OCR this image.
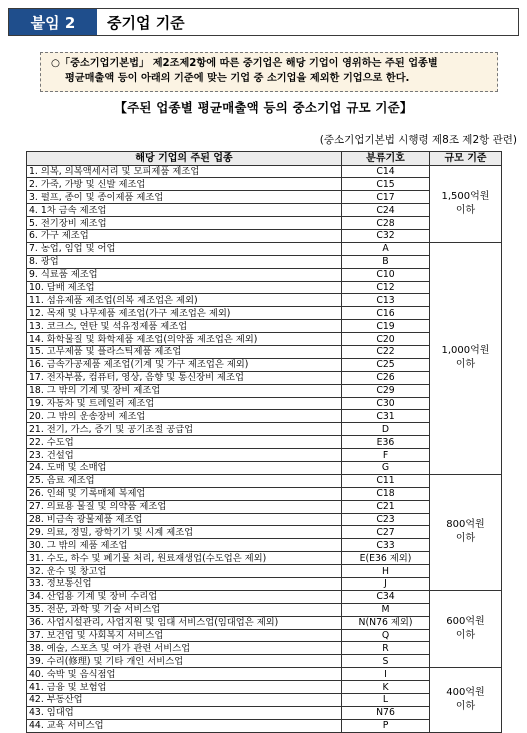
붙임 2	중기업 기준
○「중소기업기본법」 제2조제2항에 따른 중기업은 해당 기업이 영위하는 주된 업종별
평균매출액 등이 아래의 기준에 맞는 기업 중 소기업을 제외한 기업으로 한다.
【주된 업종별 평균매출액 등의 중소기업 규모 기준】
(중소기업기본법 시행령 제8조 제2항 관련)
해당 기업의 주된 업종	분류기호	규모 기준
1. 의복, 의복액세서리 및 모피제품 제조업	C14	1,500억원
이하

2. 가죽, 가방 및 신발 제조업	C15	
3. 펄프, 종이 및 종이제품 제조업	C17	
4. 1차 금속 제조업	C24	
5. 전기장비 제조업	C28	
6. 가구 제조업	C32	
7. 농업, 임업 및 어업	A	1,000억원
이하

8. 광업	B	
9. 식료품 제조업	C10	
10. 담배 제조업	C12	
11. 섬유제품 제조업(의복 제조업은 제외)	C13	
12. 목재 및 나무제품 제조업(가구 제조업은 제외)	C16	
13. 코크스, 연탄 및 석유정제품 제조업	C19	
14. 화학물질 및 화학제품 제조업(의약품 제조업은 제외)	C20	
15. 고무제품 및 플라스틱제품 제조업	C22	
16. 금속가공제품 제조업(기계 및 가구 제조업은 제외)	C25	
17. 전자부품, 컴퓨터, 영상, 음향 및 통신장비 제조업	C26	
18. 그 밖의 기계 및 장비 제조업	C29	
19. 자동차 및 트레일러 제조업	C30	
20. 그 밖의 운송장비 제조업	C31	
21. 전기, 가스, 증기 및 공기조절 공급업	D	
22. 수도업	E36	
23. 건설업	F	
24. 도매 및 소매업	G	
25. 음료 제조업	C11	800억원
이하

26. 인쇄 및 기록매체 복제업	C18	
27. 의료용 물질 및 의약품 제조업	C21	
28. 비금속 광물제품 제조업	C23	
29. 의료, 정밀, 광학기기 및 시계 제조업	C27	
30. 그 밖의 제품 제조업	C33	
31. 수도, 하수 및 폐기물 처리, 원료재생업(수도업은 제외)	E(E36 제외)	
32. 운수 및 창고업	H	
33. 정보통신업	J	
34. 산업용 기계 및 장비 수리업	C34	600억원
이하

35. 전문, 과학 및 기술 서비스업	M	
36. 사업시설관리, 사업지원 및 임대 서비스업(임대업은 제외)	N(N76 제외)	
37. 보건업 및 사회복지 서비스업	Q	
38. 예술, 스포츠 및 여가 관련 서비스업	R	
39. 수리(修理) 및 기타 개인 서비스업	S	
40. 숙박 및 음식점업	I	400억원
이하

41. 금융 및 보험업	K	
42. 부동산업	L	
43. 임대업	N76	
44. 교육 서비스업	P	
